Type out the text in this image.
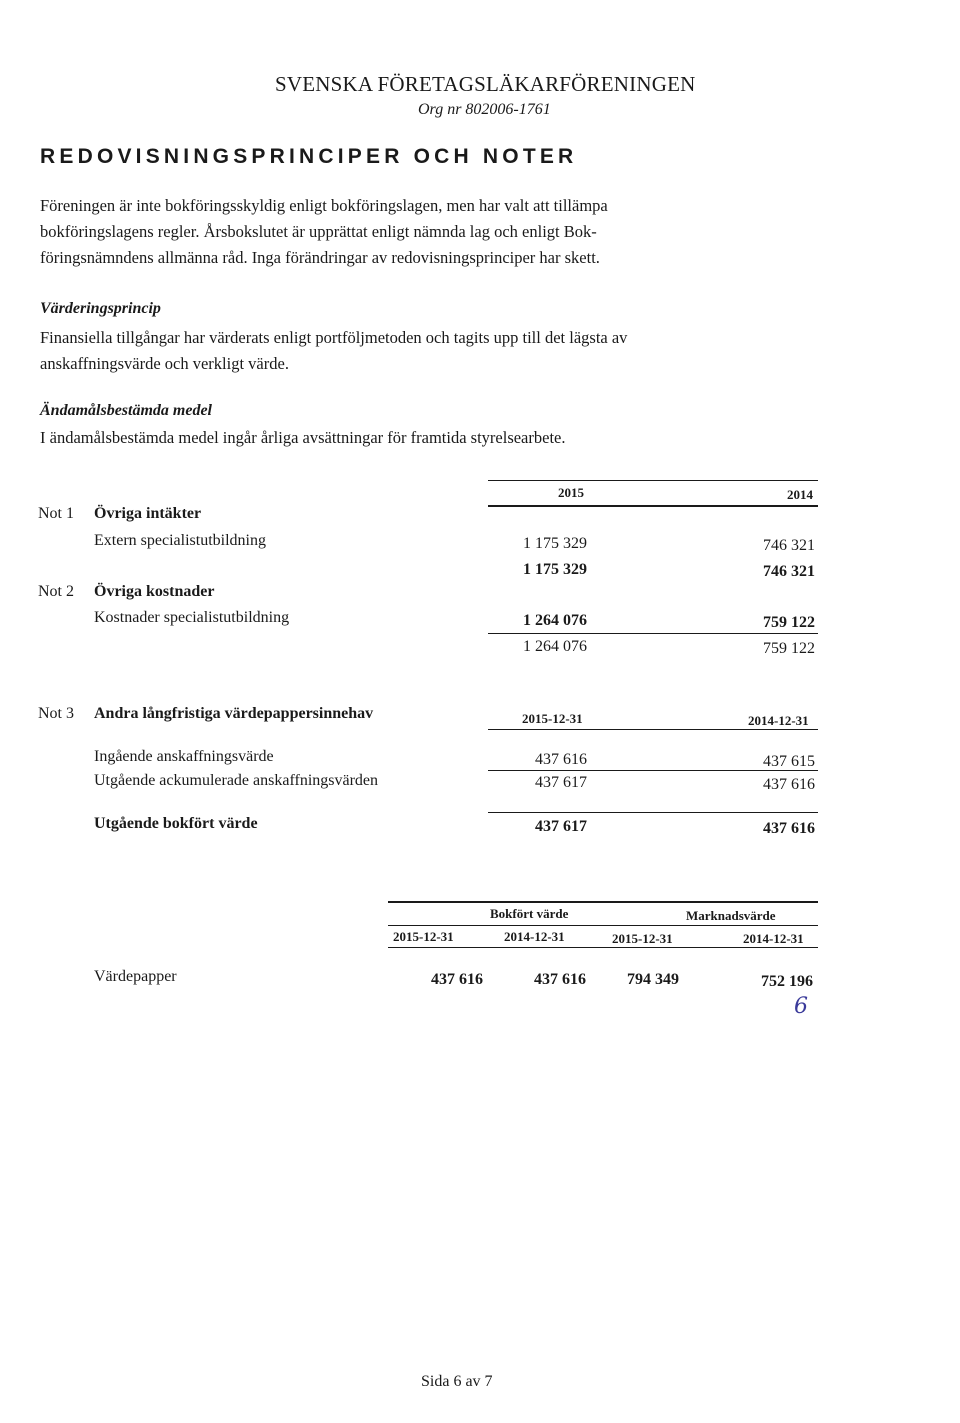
SVENSKA FÖRETAGSLÄKARFÖRENINGEN
Org nr 802006-1761
REDOVISNINGSPRINCIPER OCH NOTER
Föreningen är inte bokföringsskyldig enligt bokföringslagen, men har valt att tillämpa
bokföringslagens regler. Årsbokslutet är upprättat enligt nämnda lag och enligt Bok-
föringsnämndens allmänna råd. Inga förändringar av redovisningsprinciper har skett.
Värderingsprincip
Finansiella tillgångar har värderats enligt portföljmetoden och tagits upp till det lägsta av
anskaffningsvärde och verkligt värde.
Ändamålsbestämda medel
I ändamålsbestämda medel ingår årliga avsättningar för framtida styrelsearbete.
2015	2014
Not 1 Övriga intäkter
Extern specialistutbildning	1 175 329	746 321
1 175 329	746 321
Not 2 Övriga kostnader
Kostnader specialistutbildning	1 264 076	759 122
1 264 076	759 122
Not 3 Andra långfristiga värdepappersinnehav	2015-12-31	2014-12-31
Ingående anskaffningsvärde	437 616	437 615
Utgående ackumulerade anskaffningsvärden	437 617	437 616
Utgående bokfört värde	437 617	437 616
Bokfört värde	Marknadsvärde
2015-12-31	2014-12-31	2015-12-31	2014-12-31
Värdepapper	437 616	437 616	794 349	752 196
6
Sida 6 av 7
